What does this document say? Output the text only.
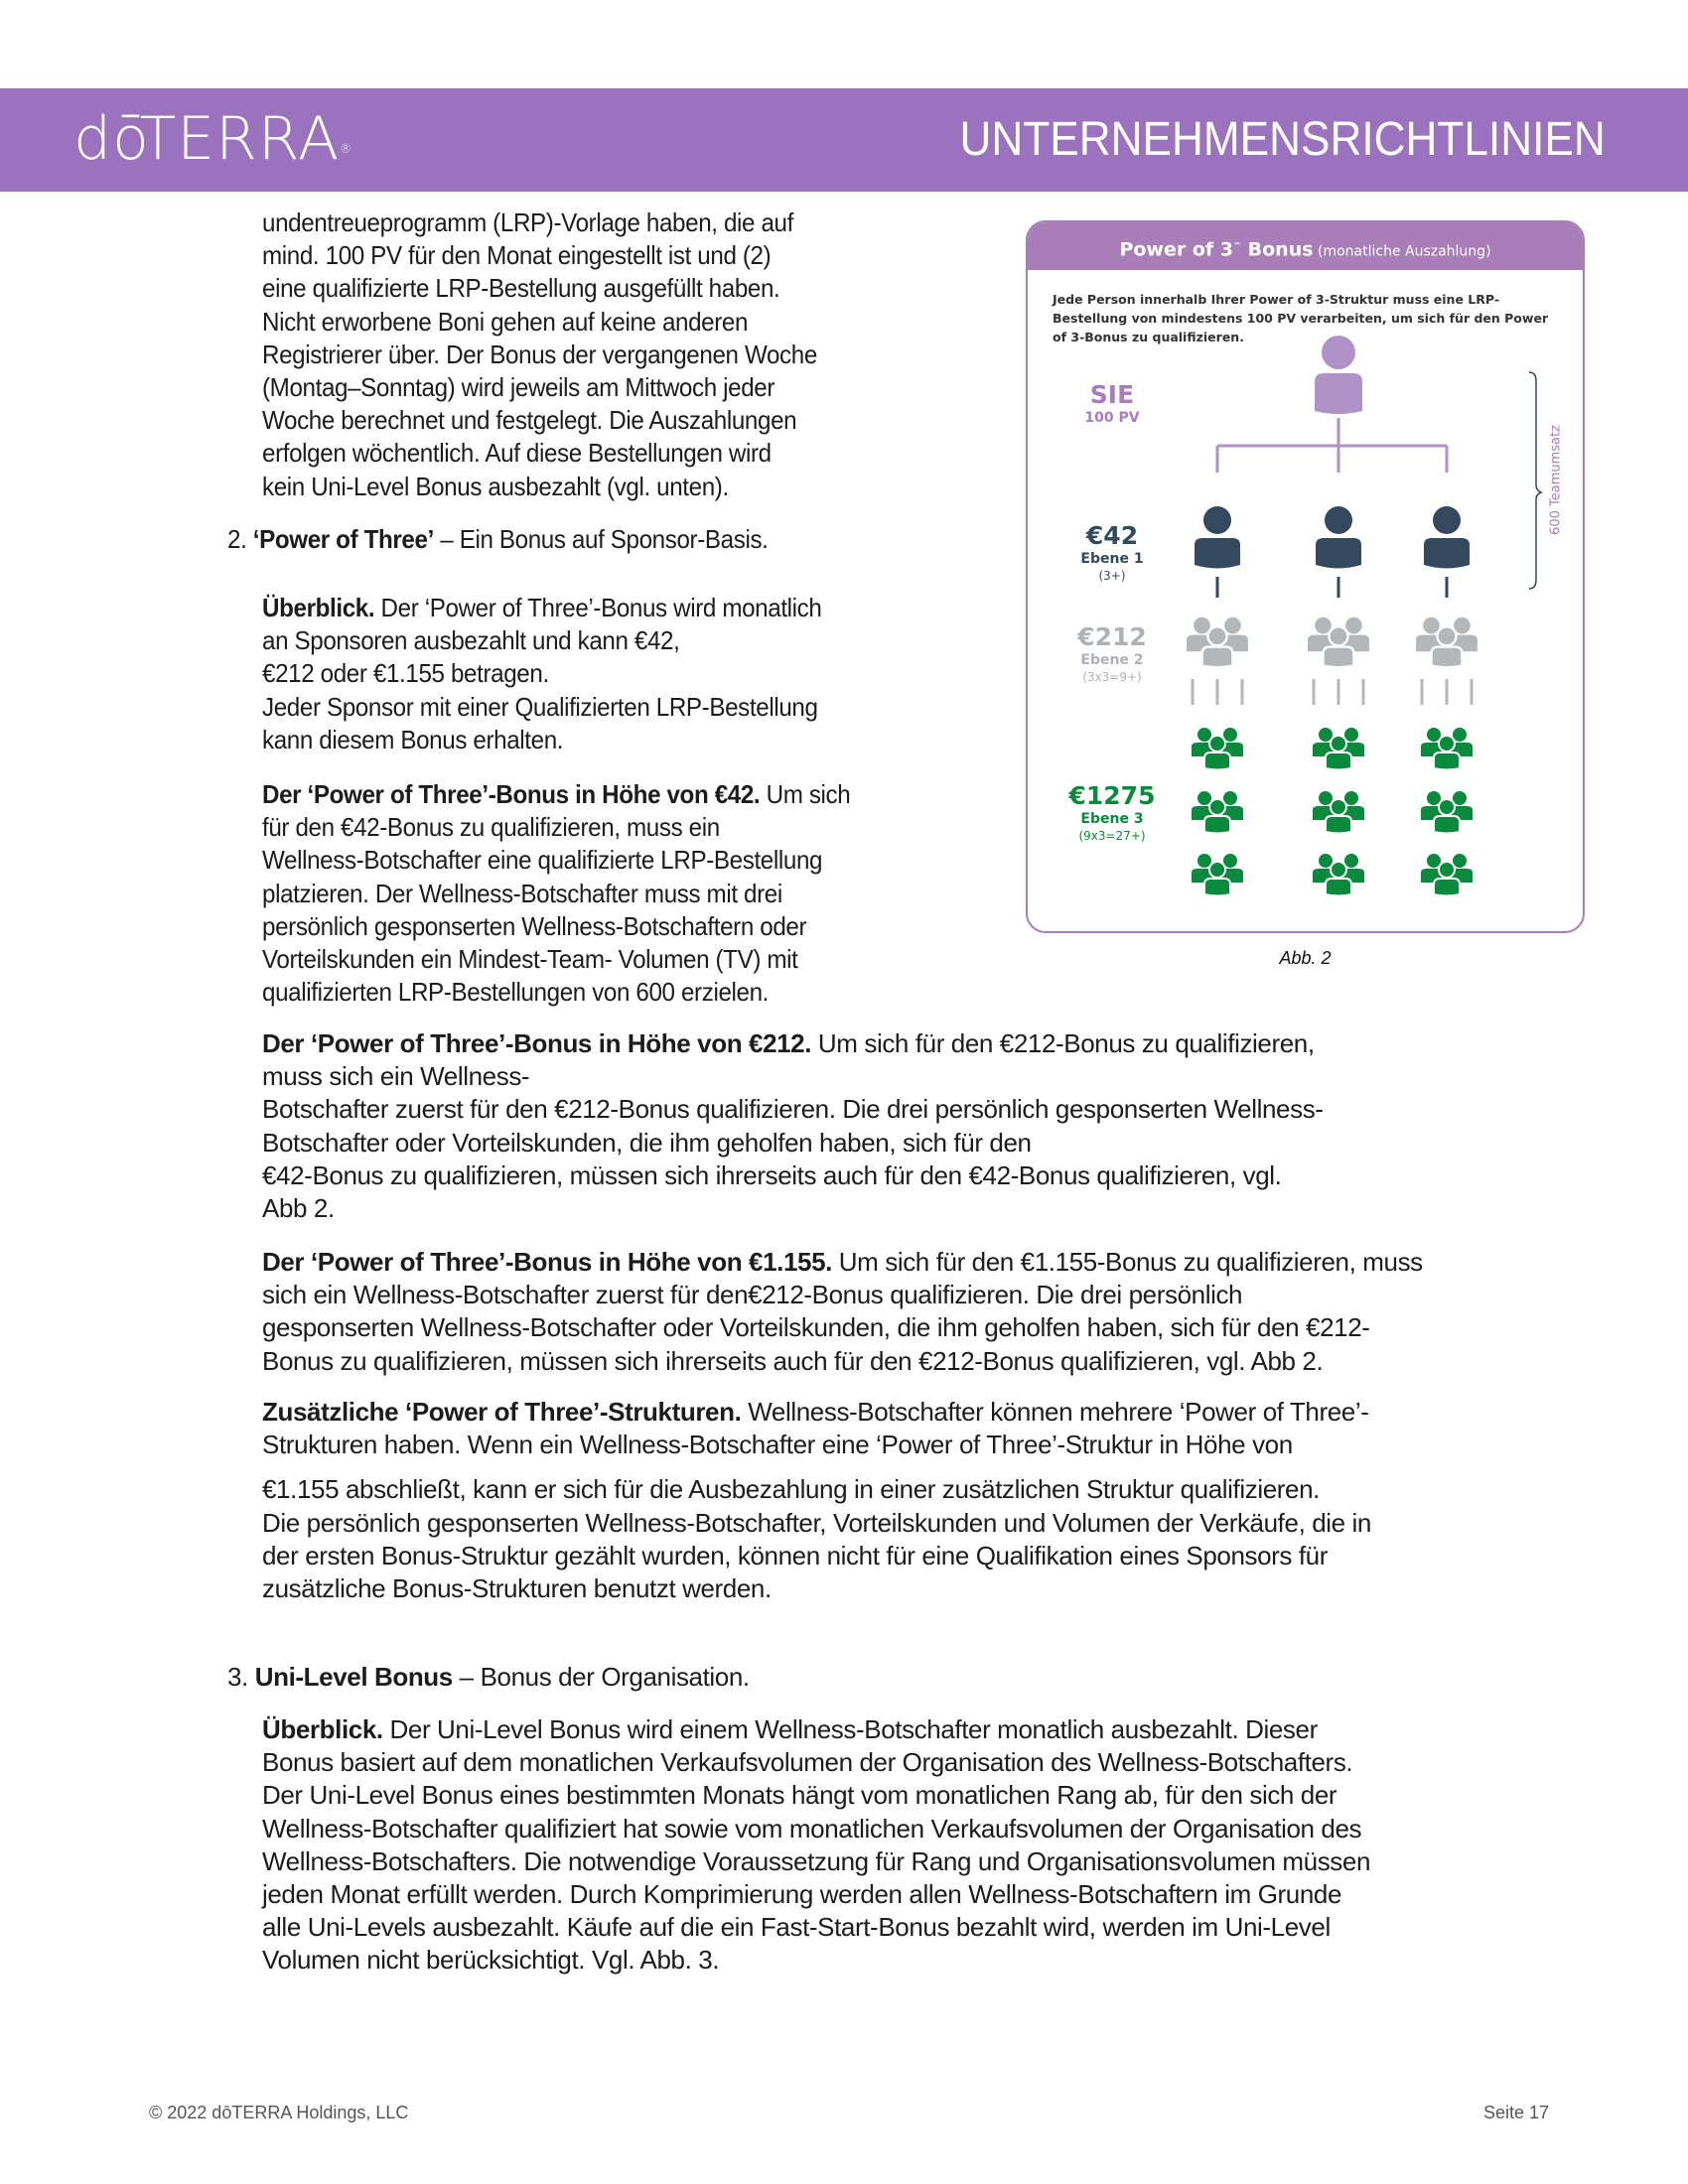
dōTERRA®	UNTERNEHMENSRICHTLINIEN
undentreueprogramm (LRP)-Vorlage haben, die auf
mind. 100 PV für den Monat eingestellt ist und (2)
eine qualifizierte LRP-Bestellung ausgefüllt haben.
Nicht erworbene Boni gehen auf keine anderen
Registrierer über. Der Bonus der vergangenen Woche
(Montag–Sonntag) wird jeweils am Mittwoch jeder
Woche berechnet und festgelegt. Die Auszahlungen
erfolgen wöchentlich. Auf diese Bestellungen wird
kein Uni-Level Bonus ausbezahlt (vgl. unten).
2. ‘Power of Three’ – Ein Bonus auf Sponsor-Basis.
Überblick. Der ‘Power of Three’-Bonus wird monatlich
an Sponsoren ausbezahlt und kann €42,
€212 oder €1.155 betragen.
Jeder Sponsor mit einer Qualifizierten LRP-Bestellung
kann diesem Bonus erhalten.
Der ‘Power of Three’-Bonus in Höhe von €42. Um sich
für den €42-Bonus zu qualifizieren, muss ein
Wellness-Botschafter eine qualifizierte LRP-Bestellung
platzieren. Der Wellness-Botschafter muss mit drei
persönlich gesponserten Wellness-Botschaftern oder
Vorteilskunden ein Mindest-Team- Volumen (TV) mit
qualifizierten LRP-Bestellungen von 600 erzielen.
Power of 3™ Bonus (monatliche Auszahlung)
Jede Person innerhalb Ihrer Power of 3-Struktur muss eine LRP-Bestellung von mindestens 100 PV verarbeiten, um sich für den Power of 3-Bonus zu qualifizieren.
SIE
100 PV
€42
Ebene 1
(3+)
€212
Ebene 2
(3x3=9+)
€1275
Ebene 3
(9x3=27+)
600 Teamumsatz
Abb. 2
Der ‘Power of Three’-Bonus in Höhe von €212. Um sich für den €212-Bonus zu qualifizieren,
muss sich ein Wellness-
Botschafter zuerst für den €212-Bonus qualifizieren. Die drei persönlich gesponserten Wellness-
Botschafter oder Vorteilskunden, die ihm geholfen haben, sich für den
€42-Bonus zu qualifizieren, müssen sich ihrerseits auch für den €42-Bonus qualifizieren, vgl.
Abb 2.
Der ‘Power of Three’-Bonus in Höhe von €1.155. Um sich für den €1.155-Bonus zu qualifizieren, muss
sich ein Wellness-Botschafter zuerst für den€212-Bonus qualifizieren. Die drei persönlich
gesponserten Wellness-Botschafter oder Vorteilskunden, die ihm geholfen haben, sich für den €212-
Bonus zu qualifizieren, müssen sich ihrerseits auch für den €212-Bonus qualifizieren, vgl. Abb 2.
Zusätzliche ‘Power of Three’-Strukturen. Wellness-Botschafter können mehrere ‘Power of Three’-
Strukturen haben. Wenn ein Wellness-Botschafter eine ‘Power of Three’-Struktur in Höhe von
€1.155 abschließt, kann er sich für die Ausbezahlung in einer zusätzlichen Struktur qualifizieren.
Die persönlich gesponserten Wellness-Botschafter, Vorteilskunden und Volumen der Verkäufe, die in
der ersten Bonus-Struktur gezählt wurden, können nicht für eine Qualifikation eines Sponsors für
zusätzliche Bonus-Strukturen benutzt werden.
3. Uni-Level Bonus – Bonus der Organisation.
Überblick. Der Uni-Level Bonus wird einem Wellness-Botschafter monatlich ausbezahlt. Dieser
Bonus basiert auf dem monatlichen Verkaufsvolumen der Organisation des Wellness-Botschafters.
Der Uni-Level Bonus eines bestimmten Monats hängt vom monatlichen Rang ab, für den sich der
Wellness-Botschafter qualifiziert hat sowie vom monatlichen Verkaufsvolumen der Organisation des
Wellness-Botschafters. Die notwendige Voraussetzung für Rang und Organisationsvolumen müssen
jeden Monat erfüllt werden. Durch Komprimierung werden allen Wellness-Botschaftern im Grunde
alle Uni-Levels ausbezahlt. Käufe auf die ein Fast-Start-Bonus bezahlt wird, werden im Uni-Level
Volumen nicht berücksichtigt. Vgl. Abb. 3.
© 2022 dōTERRA Holdings, LLC	Seite 17
